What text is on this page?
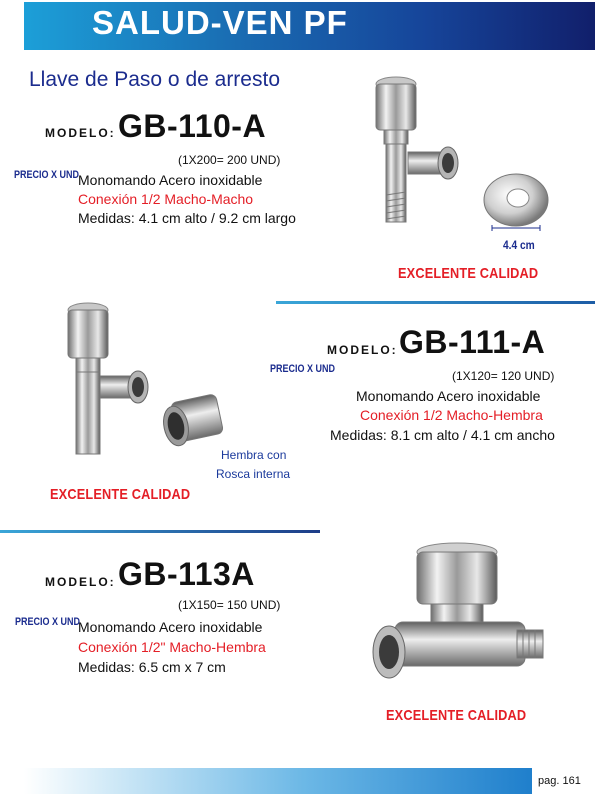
SALUD-VEN PF
Llave de Paso o de arresto
MODELO: GB-110-A
(1X200= 200 UND)
PRECIO X UND
Monomando Acero inoxidable
Conexión 1/2 Macho-Macho
Medidas: 4.1 cm alto / 9.2 cm largo
4.4 cm
EXCELENTE CALIDAD
Hembra con
Rosca interna
EXCELENTE CALIDAD
MODELO: GB-111-A
PRECIO X UND
(1X120= 120 UND)
Monomando Acero inoxidable
Conexión 1/2 Macho-Hembra
Medidas: 8.1 cm alto / 4.1 cm ancho
MODELO: GB-113A
(1X150= 150 UND)
PRECIO X UND
Monomando Acero inoxidable
Conexión 1/2" Macho-Hembra
Medidas: 6.5 cm x 7 cm
EXCELENTE CALIDAD
pag. 161
